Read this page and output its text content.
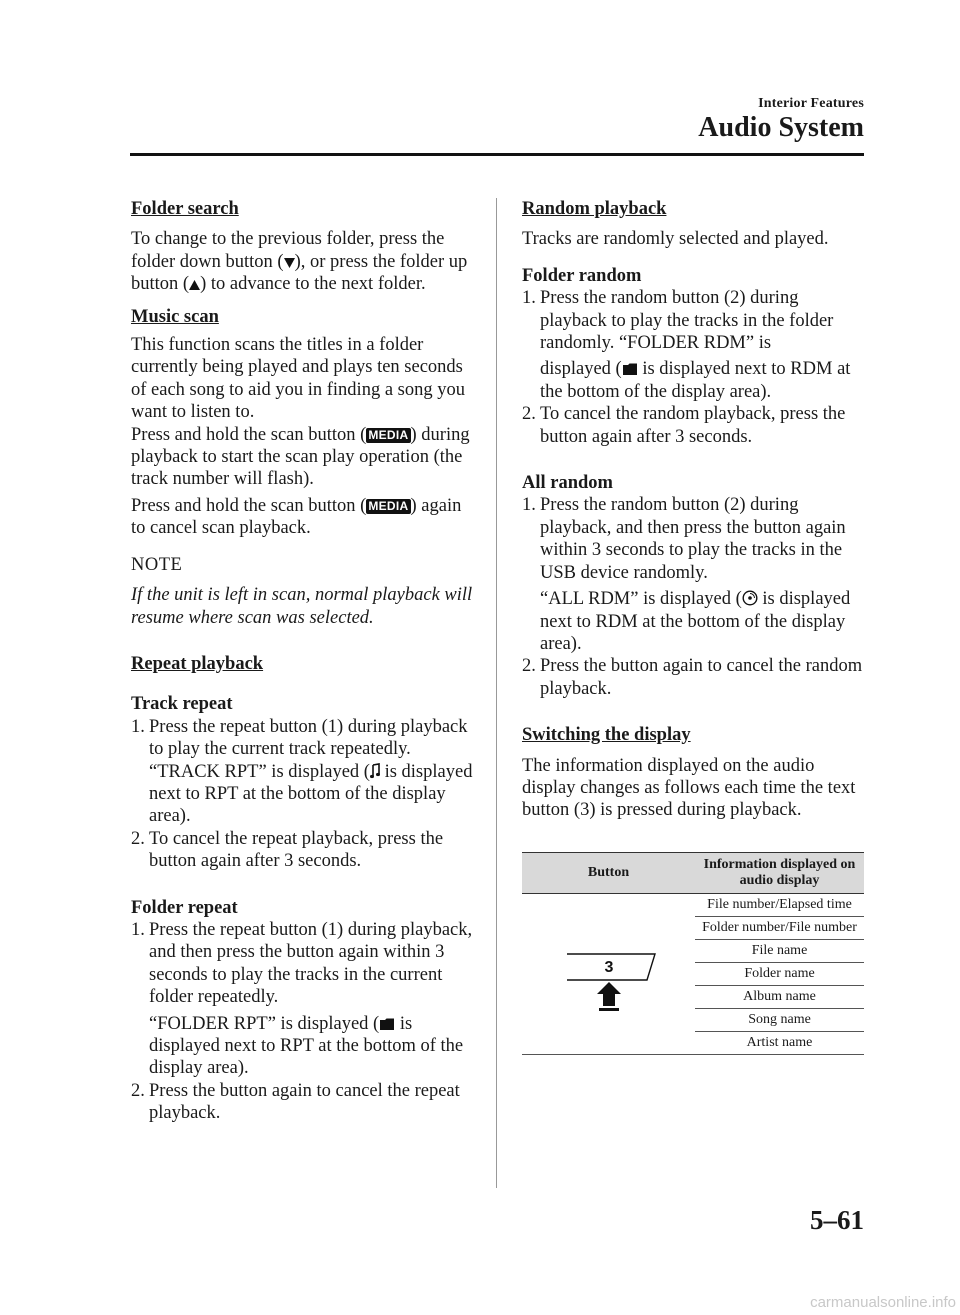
Interior Features
Audio System
Folder search

To change to the previous folder, press the folder down button ( ), or press the folder up button ( ) to advance to the next folder.

Music scan

This function scans the titles in a folder currently being played and plays ten seconds of each song to aid you in finding a song you want to listen to.

Press and hold the scan button ( MEDIA ) during playback to start the scan play operation (the track number will flash).

Press and hold the scan button ( MEDIA ) again to cancel scan playback.

NOTE

If the unit is left in scan, normal playback will resume where scan was selected.

Repeat playback
Track repeat
1. Press the repeat button (1) during playback to play the current track repeatedly. “TRACK RPT” is displayed ( is displayed next to RPT at the bottom of the display area).
2. To cancel the repeat playback, press the button again after 3 seconds.
Folder repeat
1. Press the repeat button (1) during playback, and then press the button again within 3 seconds to play the tracks in the current folder repeatedly.
“FOLDER RPT” is displayed ( is displayed next to RPT at the bottom of the display area).
2. Press the button again to cancel the repeat playback.
Random playback

Tracks are randomly selected and played.

Folder random
1. Press the random button (2) during playback to play the tracks in the folder randomly. “FOLDER RDM” is
displayed ( is displayed next to RDM at the bottom of the display area).
2. To cancel the random playback, press the button again after 3 seconds.
All random
1. Press the random button (2) during playback, and then press the button again within 3 seconds to play the tracks in the USB device randomly.
“ALL RDM” is displayed ( is displayed next to RDM at the bottom of the display area).
2. Press the button again to cancel the random playback.
Switching the display

The information displayed on the audio display changes as follows each time the text button (3) is pressed during playback.

Button	Information displayed on audio display

3	File number/Elapsed time
	Folder number/File number
	File name
	Folder name
	Album name
	Song name
	Artist name
5–61
carmanualsonline.info
